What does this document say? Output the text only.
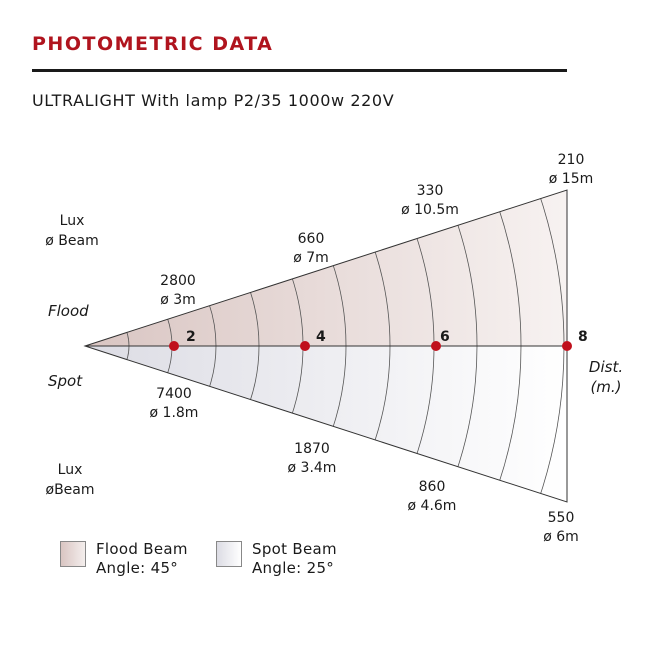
PHOTOMETRIC DATA
ULTRALIGHT With lamp P2/35 1000w 220V
2	4	6	8
Lux
ø Beam
Flood
Spot
Lux
øBeam
Dist.
(m.)
2800
ø 3m
660
ø 7m
330
ø 10.5m
210
ø 15m
7400
ø 1.8m
1870
ø 3.4m
860
ø 4.6m
550
ø 6m
Flood Beam
Angle: 45°
Spot Beam
Angle: 25°
